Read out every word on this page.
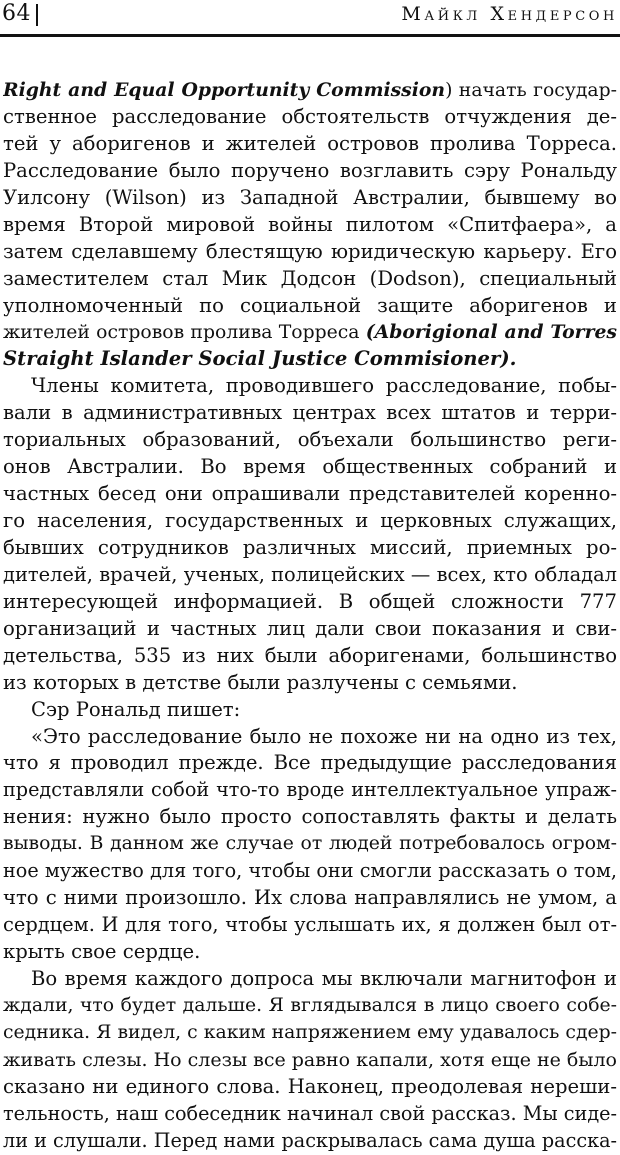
64	Майкл Хендерсон
Right and Equal Opportunity Commission) начать государ-
ственное расследование обстоятельств отчуждения де-
тей у аборигенов и жителей островов пролива Торреса.
Расследование было поручено возглавить сэру Рональду
Уилсону (Wilson) из Западной Австралии, бывшему во
время Второй мировой войны пилотом «Спитфаера», а
затем сделавшему блестящую юридическую карьеру. Его
заместителем стал Мик Додсон (Dodson), специальный
уполномоченный по социальной защите аборигенов и
жителей островов пролива Торреса (Aborigional and Torres
Straight Islander Social Justice Commisioner).
Члены комитета, проводившего расследование, побы-
вали в административных центрах всех штатов и терри-
ториальных образований, объехали большинство реги-
онов Австралии. Во время общественных собраний и
частных бесед они опрашивали представителей коренно-
го населения, государственных и церковных служащих,
бывших сотрудников различных миссий, приемных ро-
дителей, врачей, ученых, полицейских — всех, кто обладал
интересующей информацией. В общей сложности 777
организаций и частных лиц дали свои показания и сви-
детельства, 535 из них были аборигенами, большинство
из которых в детстве были разлучены с семьями.
Сэр Рональд пишет:
«Это расследование было не похоже ни на одно из тех,
что я проводил прежде. Все предыдущие расследования
представляли собой что-то вроде интеллектуальное упраж-
нения: нужно было просто сопоставлять факты и делать
выводы. В данном же случае от людей потребовалось огром-
ное мужество для того, чтобы они смогли рассказать о том,
что с ними произошло. Их слова направлялись не умом, а
сердцем. И для того, чтобы услышать их, я должен был от-
крыть свое сердце.
Во время каждого допроса мы включали магнитофон и
ждали, что будет дальше. Я вглядывался в лицо своего собе-
седника. Я видел, с каким напряжением ему удавалось сдер-
живать слезы. Но слезы все равно капали, хотя еще не было
сказано ни единого слова. Наконец, преодолевая нереши-
тельность, наш собеседник начинал свой рассказ. Мы сиде-
ли и слушали. Перед нами раскрывалась сама душа расска-
